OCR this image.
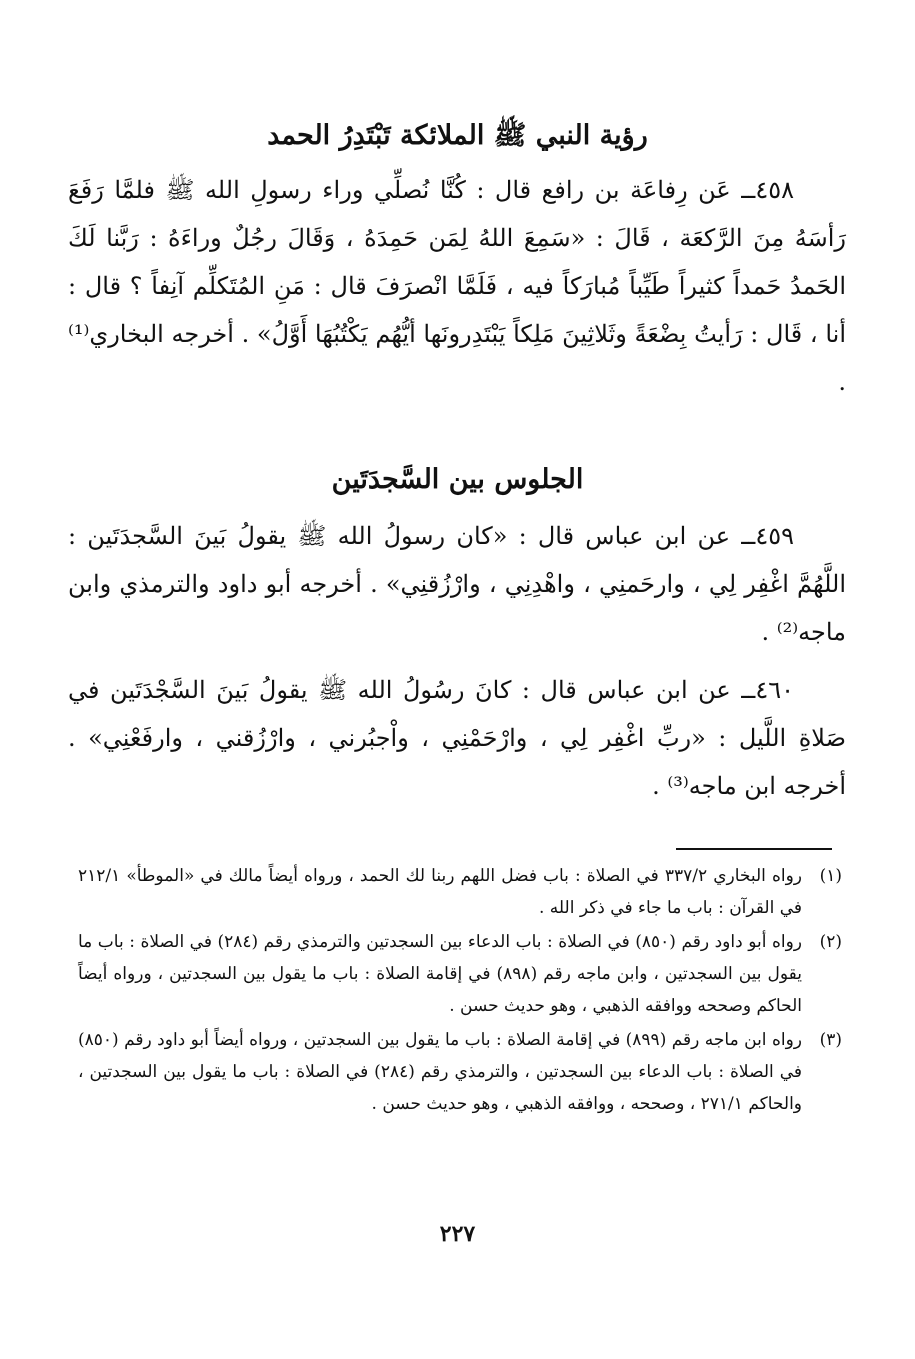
رؤية النبي ﷺ الملائكة تَبْتَدِرُ الحمد

٤٥٨ــ عَن رِفاعَة بن رافع قال : كُنَّا نُصلِّي وراء رسولِ الله ﷺ فلمَّا رَفَعَ رَأسَهُ مِنَ الرَّكعَة ، قَالَ : «سَمِعَ اللهُ لِمَن حَمِدَهُ ، وَقَالَ رجُلٌ وراءَهُ : رَبَّنا لَكَ الحَمدُ حَمداً كثيراً طَيِّباً مُبارَكاً فيه ، فَلَمَّا انْصرَفَ قال : مَنِ المُتَكلِّم آنِفاً ؟ قال : أنا ، قَال : رَأيتُ بِضْعَةً وثَلاثِينَ مَلِكاً يَبْتَدِرونَها أيُّهُم يَكْتُبُهَا أَوَّلُ» . أخرجه البخاري⁽¹⁾ .

الجلوس بين السَّجدَتَين

٤٥٩ــ عن ابن عباس قال : «كان رسولُ الله ﷺ يقولُ بَينَ السَّجدَتَين : اللَّهُمَّ اغْفِر لِي ، وارحَمنِي ، واهْدِنِي ، وارْزُقنِي» . أخرجه أبو داود والترمذي وابن ماجه⁽²⁾ .

٤٦٠ــ عن ابن عباس قال : كانَ رسُولُ الله ﷺ يقولُ بَينَ السَّجْدَتَين في صَلاةِ اللَّيل : «ربِّ اغْفِر لِي ، وارْحَمْنِي ، واْجبُرني ، وارْزُقني ، وارفَعْنِي» . أخرجه ابن ماجه⁽³⁾ .

(١)
رواه البخاري ٣٣٧/٢ في الصلاة : باب فضل اللهم ربنا لك الحمد ، ورواه أيضاً مالك في «الموطأ» ٢١٢/١ في القرآن : باب ما جاء في ذكر الله .
(٢)
رواه أبو داود رقم (٨٥٠) في الصلاة : باب الدعاء بين السجدتين والترمذي رقم (٢٨٤) في الصلاة : باب ما يقول بين السجدتين ، وابن ماجه رقم (٨٩٨) في إقامة الصلاة : باب ما يقول بين السجدتين ، ورواه أيضاً الحاكم وصححه ووافقه الذهبي ، وهو حديث حسن .
(٣)
رواه ابن ماجه رقم (٨٩٩) في إقامة الصلاة : باب ما يقول بين السجدتين ، ورواه أيضاً أبو داود رقم (٨٥٠) في الصلاة : باب الدعاء بين السجدتين ، والترمذي رقم (٢٨٤) في الصلاة : باب ما يقول بين السجدتين ، والحاكم ٢٧١/١ ، وصححه ، ووافقه الذهبي ، وهو حديث حسن .
٢٢٧
